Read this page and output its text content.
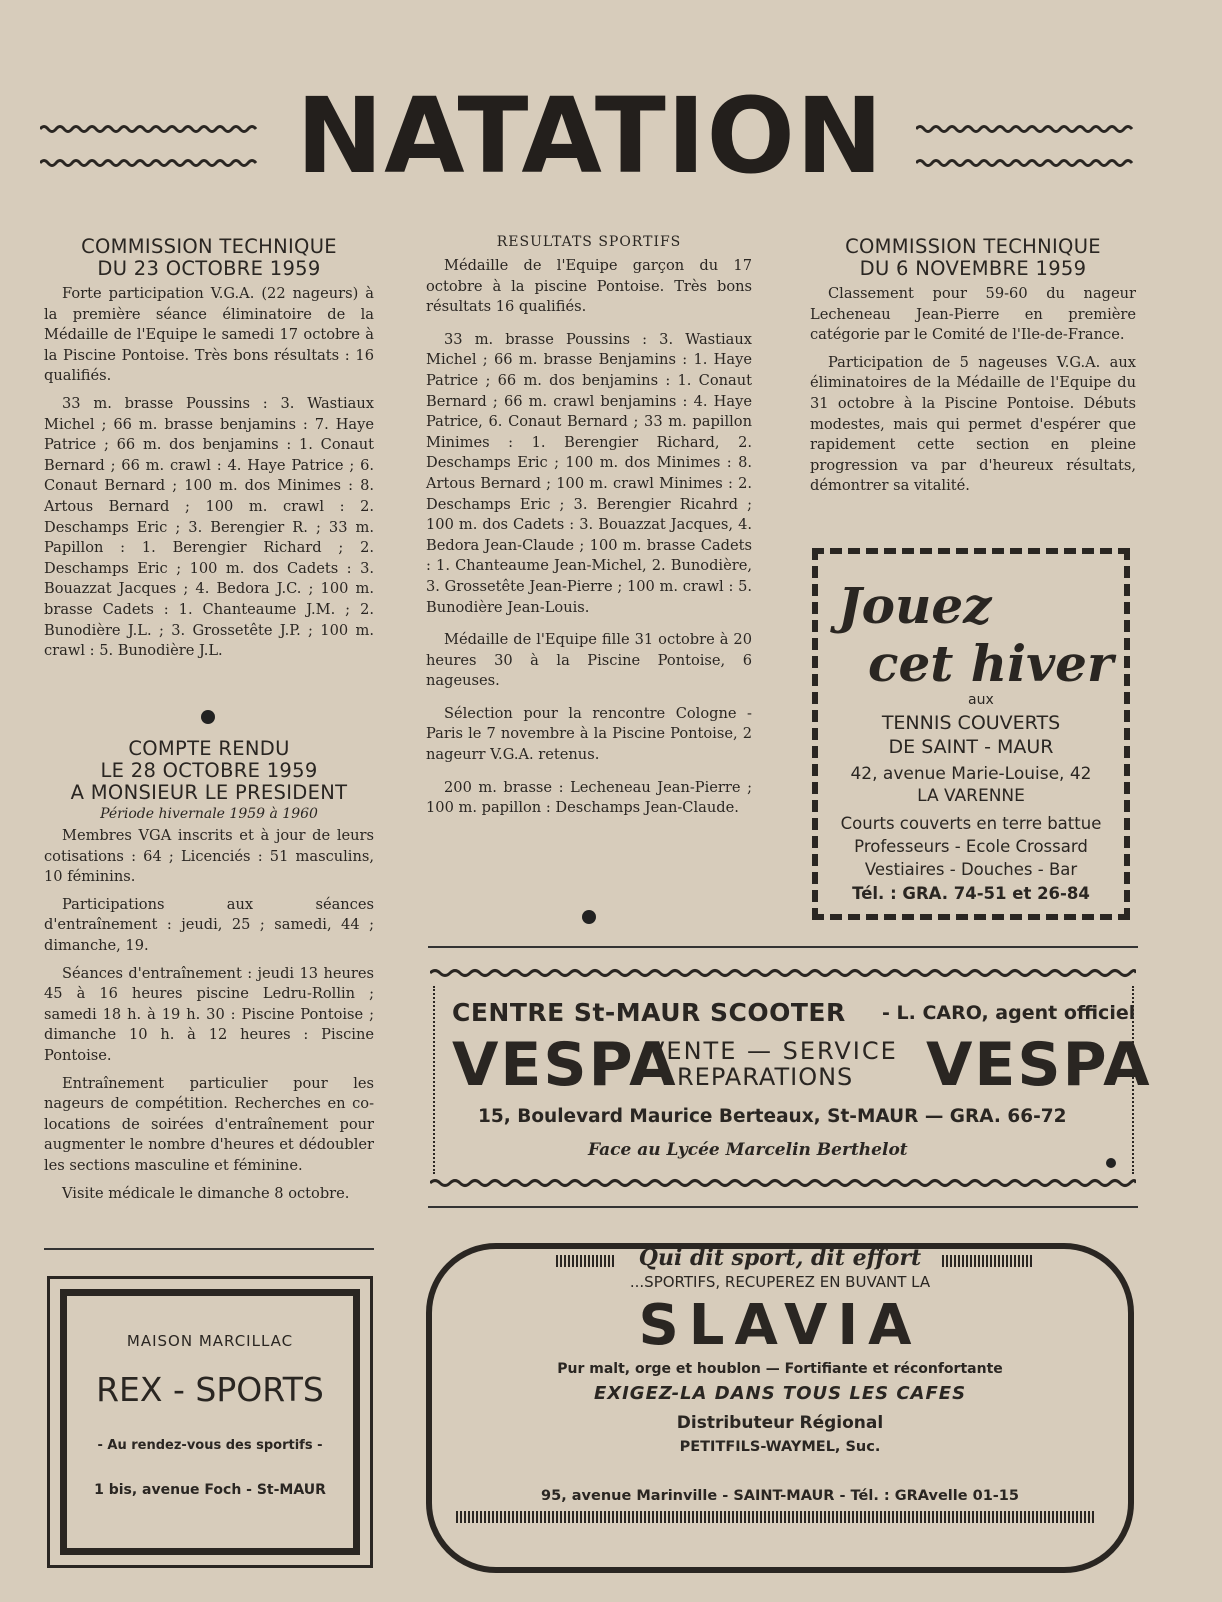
NATATION
COMMISSION TECHNIQUE
DU 23 OCTOBRE 1959

Forte participation V.G.A. (22 nageurs) à la première séance éliminatoire de la Médaille de l'Equipe le samedi 17 octobre à la Piscine Pontoise. Très bons résultats : 16 qualifiés.

33 m. brasse Poussins : 3. Wastiaux Michel ; 66 m. brasse benjamins : 7. Haye Patrice ; 66 m. dos benjamins : 1. Conaut Bernard ; 66 m. crawl : 4. Haye Patrice ; 6. Conaut Bernard ; 100 m. dos Minimes : 8. Artous Bernard ; 100 m. crawl : 2. Deschamps Eric ; 3. Berengier R. ; 33 m. Papillon : 1. Berengier Richard ; 2. Deschamps Eric ; 100 m. dos Cadets : 3. Bouazzat Jacques ; 4. Bedora J.C. ; 100 m. brasse Cadets : 1. Chanteaume J.M. ; 2. Bunodière J.L. ; 3. Grossetête J.P. ; 100 m. crawl : 5. Bunodière J.L.

COMPTE RENDU
LE 28 OCTOBRE 1959
A MONSIEUR LE PRESIDENT
Période hivernale 1959 à 1960

Membres VGA inscrits et à jour de leurs cotisations : 64 ; Licenciés : 51 masculins, 10 féminins.

Participations aux séances d'entraînement : jeudi, 25 ; samedi, 44 ; dimanche, 19.

Séances d'entraînement : jeudi 13 heures 45 à 16 heures piscine Ledru-Rollin ; samedi 18 h. à 19 h. 30 : Piscine Pontoise ; dimanche 10 h. à 12 heures : Piscine Pontoise.

Entraînement particulier pour les nageurs de compétition. Recherches en co-locations de soirées d'entraînement pour augmenter le nombre d'heures et dédoubler les sections masculine et féminine.

Visite médicale le dimanche 8 octobre.

MAISON MARCILLAC
REX - SPORTS
- Au rendez-vous des sportifs -
1 bis, avenue Foch - St-MAUR
RESULTATS SPORTIFS

Médaille de l'Equipe garçon du 17 octobre à la piscine Pontoise. Très bons résultats 16 qualifiés.

33 m. brasse Poussins : 3. Wastiaux Michel ; 66 m. brasse Benjamins : 1. Haye Patrice ; 66 m. dos benjamins : 1. Conaut Bernard ; 66 m. crawl benjamins : 4. Haye Patrice, 6. Conaut Bernard ; 33 m. papillon Minimes : 1. Berengier Richard, 2. Deschamps Eric ; 100 m. dos Minimes : 8. Artous Bernard ; 100 m. crawl Minimes : 2. Deschamps Eric ; 3. Berengier Ricahrd ; 100 m. dos Cadets : 3. Bouazzat Jacques, 4. Bedora Jean-Claude ; 100 m. brasse Cadets : 1. Chanteaume Jean-Michel, 2. Bunodière, 3. Grossetête Jean-Pierre ; 100 m. crawl : 5. Bunodière Jean-Louis.

Médaille de l'Equipe fille 31 octobre à 20 heures 30 à la Piscine Pontoise, 6 nageuses.

Sélection pour la rencontre Cologne - Paris le 7 novembre à la Piscine Pontoise, 2 nageurr V.G.A. retenus.

200 m. brasse : Lecheneau Jean-Pierre ; 100 m. papillon : Deschamps Jean-Claude.

COMMISSION TECHNIQUE
DU 6 NOVEMBRE 1959

Classement pour 59-60 du nageur Lecheneau Jean-Pierre en première catégorie par le Comité de l'Ile-de-France.

Participation de 5 nageuses V.G.A. aux éliminatoires de la Médaille de l'Equipe du 31 octobre à la Piscine Pontoise. Débuts modestes, mais qui permet d'espérer que rapidement cette section en pleine progression va par d'heureux résultats, démontrer sa vitalité.

Jouez
cet hiver
aux
TENNIS COUVERTS
DE SAINT - MAUR
42, avenue Marie-Louise, 42
LA VARENNE
Courts couverts en terre battue
Professeurs - Ecole Crossard
Vestiaires - Douches - Bar
Tél. : GRA. 74-51 et 26-84
CENTRE St-MAUR SCOOTER - L. CARO, agent officiel
VESPA
VENTE — SERVICE
REPARATIONS VESPA
15, Boulevard Maurice Berteaux, St-MAUR — GRA. 66-72
Face au Lycée Marcelin Berthelot
Qui dit sport, dit effort
...SPORTIFS, RECUPEREZ EN BUVANT LA
SLAVIA
Pur malt, orge et houblon — Fortifiante et réconfortante
EXIGEZ-LA DANS TOUS LES CAFES
Distributeur Régional
PETITFILS-WAYMEL, Suc.
95, avenue Marinville - SAINT-MAUR - Tél. : GRAvelle 01-15
